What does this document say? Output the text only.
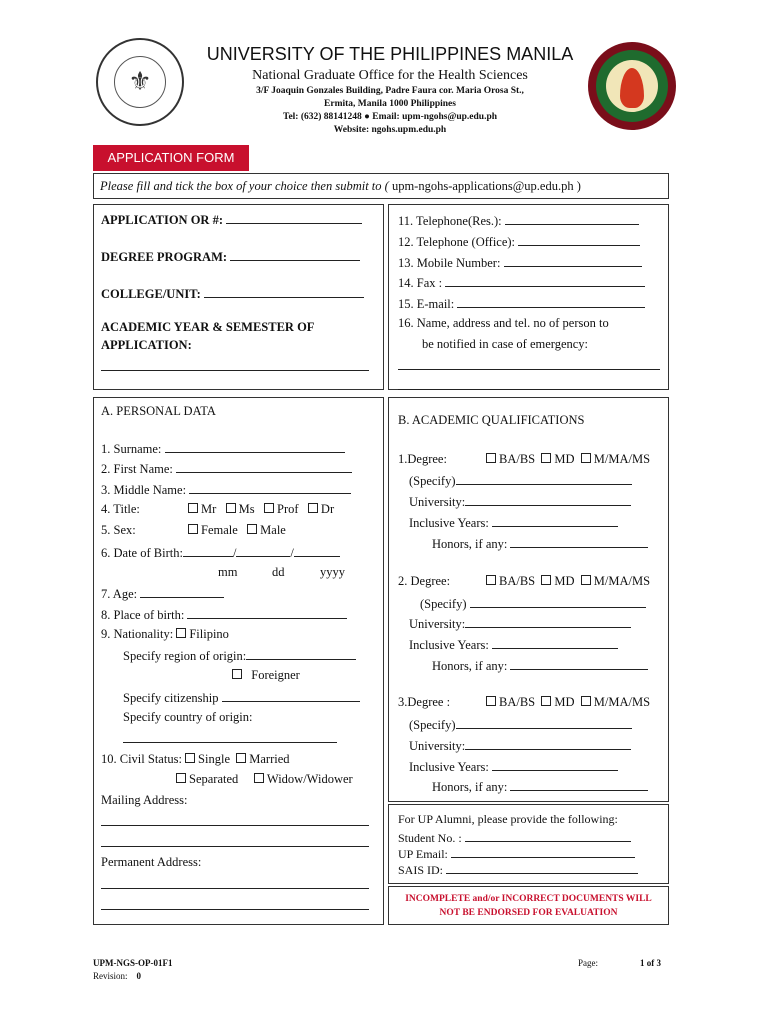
⚜
UNIVERSITY OF THE PHILIPPINES MANILA
National Graduate Office for the Health Sciences
3/F Joaquin Gonzales Building, Padre Faura cor. Maria Orosa St.,
Ermita, Manila 1000 Philippines
Tel: (632) 88141248 ● Email: upm-ngohs@up.edu.ph
Website: ngohs.upm.edu.ph
APPLICATION FORM
Please fill and tick the box of your choice then submit to ( upm-ngohs-applications@up.edu.ph )
APPLICATION OR #:
DEGREE PROGRAM:
COLLEGE/UNIT:
ACADEMIC YEAR & SEMESTER OF
APPLICATION:
11. Telephone(Res.):
12. Telephone (Office):
13. Mobile Number:
14. Fax :
15. E-mail:
16. Name, address and tel. no of person to
be notified in case of emergency:
A. PERSONAL DATA
1. Surname:
2. First Name:
3. Middle Name:
4. Title:	Mr Ms Prof Dr
5. Sex:	Female Male
6. Date of Birth:	/	/
mm	dd	yyyy
7. Age:
8. Place of birth:
9. Nationality: Filipino
Specify region of origin:
Foreigner
Specify citizenship
Specify country of origin:
10. Civil Status: Single Married
Separated Widow/Widower
Mailing Address:
Permanent Address:
B. ACADEMIC QUALIFICATIONS
1.Degree:	BA/BS MD M/MA/MS
(Specify)
University:
Inclusive Years:
Honors, if any:
2. Degree:	BA/BS MD M/MA/MS
(Specify)
University:
Inclusive Years:
Honors, if any:
3.Degree :	BA/BS MD M/MA/MS
(Specify)
University:
Inclusive Years:
Honors, if any:
For UP Alumni, please provide the following:
Student No. :
UP Email:
SAIS ID:
INCOMPLETE and/or INCORRECT DOCUMENTS WILL
NOT BE ENDORSED FOR EVALUATION
UPM-NGS-OP-01F1
Revision: 0
Page:	1 of 3
